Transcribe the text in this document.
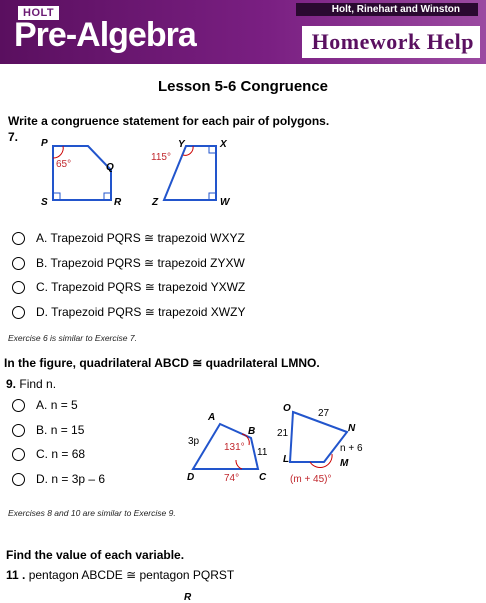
HOLT
Pre-Algebra
Holt, Rinehart and Winston
Homework Help
Lesson 5-6 Congruence
Write a congruence statement for each pair of polygons.
7. P
Q
R
S
65°
Y	X
W
Z
115°
A. Trapezoid PQRS ≅ trapezoid WXYZ
B. Trapezoid PQRS ≅ trapezoid ZYXW
C. Trapezoid PQRS ≅ trapezoid YXWZ
D. Trapezoid PQRS ≅ trapezoid XWZY
Exercise 6 is similar to Exercise 7.
In the figure, quadrilateral ABCD ≅ quadrilateral LMNO.
9. Find n.
A. n = 5
B. n = 15
C. n = 68
D. n = 3p – 6
A
B
C
D
3p
11
131°
74°
O
N
M
L
27
21
n + 6
(m + 45)°
Exercises 8 and 10 are similar to Exercise 9.
Find the value of each variable.
11 . pentagon ABCDE ≅ pentagon PQRST
R
